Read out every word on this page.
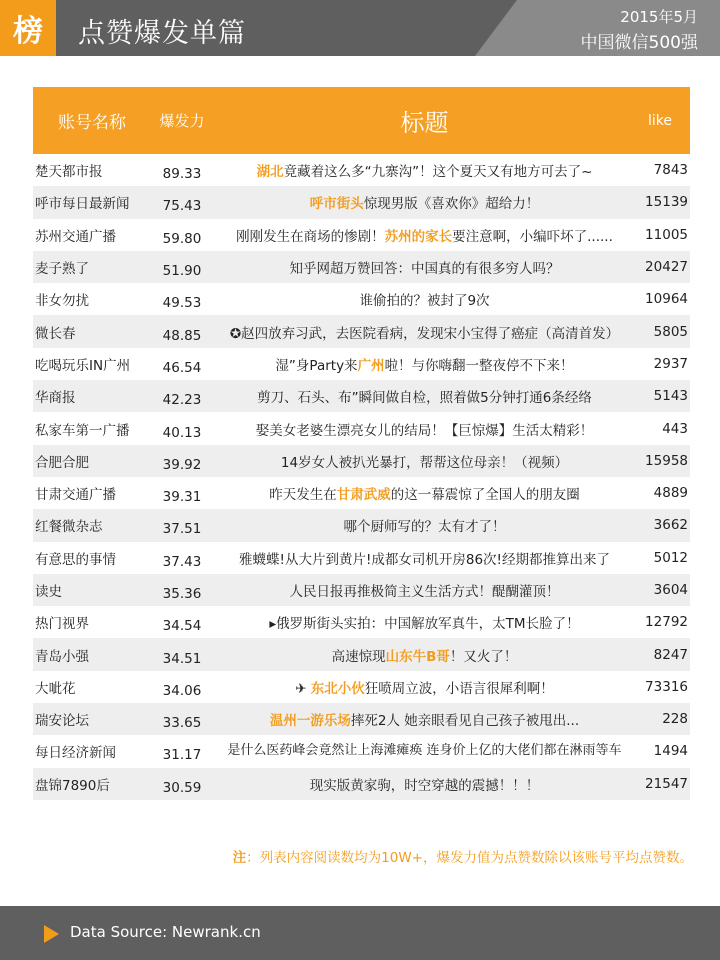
榜 点赞爆发单篇
2015年5月
中国微信500强
账号名称	爆发力	标题	like
楚天都市报	89.33	湖北竟藏着这么多“九寨沟”！这个夏天又有地方可去了~	7843
呼市每日最新闻	75.43	呼市街头惊现男版《喜欢你》超给力！	15139
苏州交通广播	59.80	刚刚发生在商场的惨剧！苏州的家长要注意啊，小编吓坏了......	11005
麦子熟了	51.90	知乎网超万赞回答：中国真的有很多穷人吗？	20427
非女勿扰	49.53	谁偷拍的？被封了9次	10964
微长春	48.85	✪赵四放弃习武，去医院看病，发现宋小宝得了癌症（高清首发）	5805
吃喝玩乐IN广州	46.54	湿”身Party来广州啦！与你嗨翻一整夜停不下来！	2937
华商报	42.23	剪刀、石头、布”瞬间做自检，照着做5分钟打通6条经络	5143
私家车第一广播	40.13	娶美女老婆生漂亮女儿的结局！【巨惊爆】生活太精彩！	443
合肥合肥	39.92	14岁女人被扒光暴打，帮帮这位母亲！（视频）	15958
甘肃交通广播	39.31	昨天发生在甘肃武威的这一幕震惊了全国人的朋友圈	4889
红餐微杂志	37.51	哪个厨师写的？太有才了！	3662
有意思的事情	37.43	雅蠛蝶!从大片到黄片!成都女司机开房86次!经期都推算出来了	5012
读史	35.36	人民日报再推极简主义生活方式！醍醐灌顶！	3604
热门视界	34.54	▸俄罗斯街头实拍：中国解放军真牛，太TM长脸了！	12792
青岛小强	34.51	高速惊现山东牛B哥！又火了！	8247
大呲花	34.06	✈ 东北小伙狂喷周立波，小语言很犀利啊！	73316
瑞安论坛	33.65	温州一游乐场摔死2人 她亲眼看见自己孩子被甩出...	228
每日经济新闻	31.17	是什么医药峰会竟然让上海滩瘫痪 连身价上亿的大佬们都在淋雨等车	1494
盘锦7890后	30.59	现实版黄家驹，时空穿越的震撼！！！	21547
注：列表内容阅读数均为10W+，爆发力值为点赞数除以该账号平均点赞数。
Data Source: Newrank.cn
